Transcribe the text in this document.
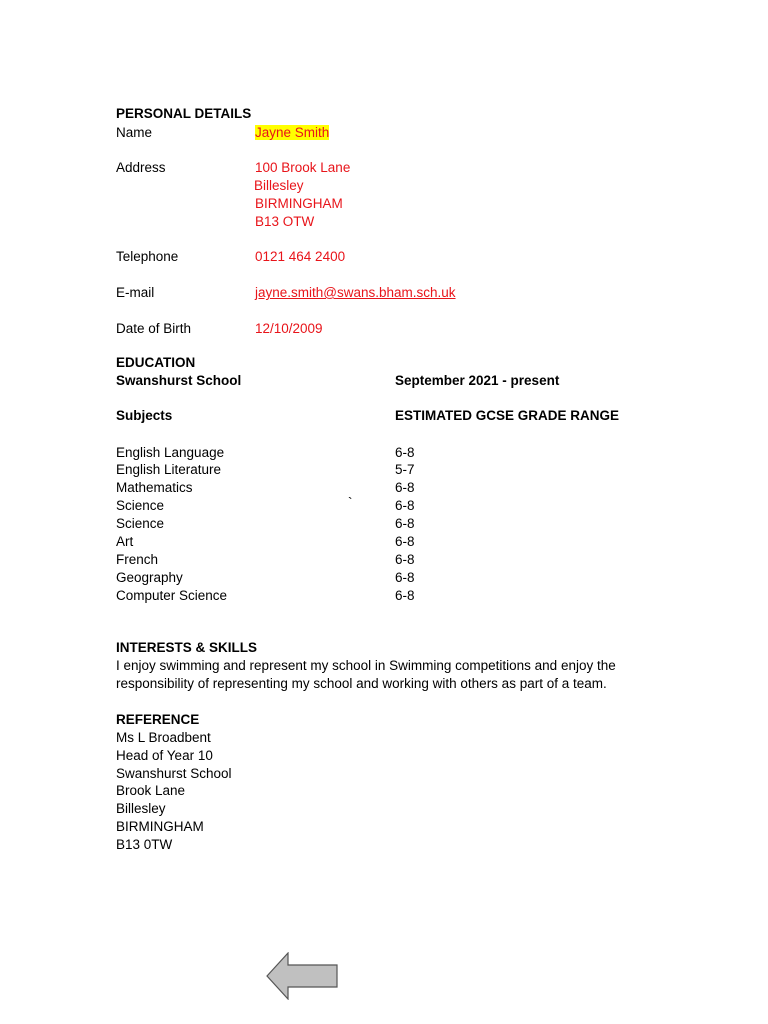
PERSONAL DETAILS
Name	Jayne Smith
Address	100 Brook Lane
Billesley
BIRMINGHAM
B13 OTW
Telephone	0121 464 2400
E-mail	jayne.smith@swans.bham.sch.uk
Date of Birth	12/10/2009
EDUCATION
Swanshurst School	September 2021 - present
Subjects	ESTIMATED GCSE GRADE RANGE
English Language	6-8
English Literature	5-7
Mathematics	6-8
Science	`	6-8
Science	6-8
Art	6-8
French	6-8
Geography	6-8
Computer Science	6-8
INTERESTS & SKILLS
I enjoy swimming and represent my school in Swimming competitions and enjoy the responsibility of representing my school and working with others as part of a team.
REFERENCE
Ms L Broadbent
Head of Year 10
Swanshurst School
Brook Lane
Billesley
BIRMINGHAM
B13 0TW
